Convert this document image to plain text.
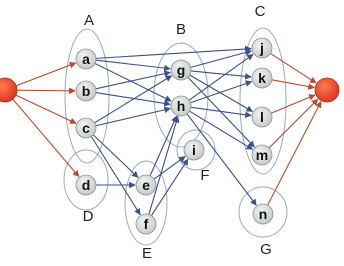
A
B
C
D
E
F
G
a
b
c
d	e
f
g
h
i
j
k
l
m
n
